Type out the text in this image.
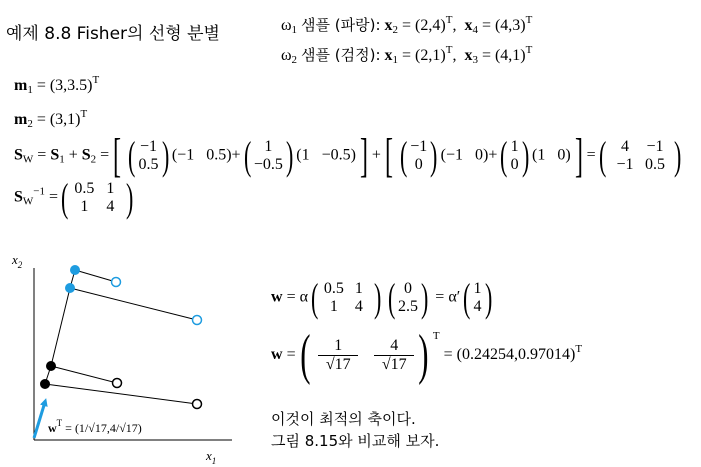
예제 8.8 Fisher의 선형 분별	$\omega_1$ 샘플 (파랑): $x_2 = (2,4)^T$,  $x_4 = (4,3)^T$
$\omega_2$ 샘플 (검정): $x_1 = (2,1)^T$,  $x_3 = (4,1)^T$
$m_1 = (3,3.5)^T$
$m_2 = (3,1)^T$
$S_W = S_1 + S_2$ =[ ( −1
0.5 ) (−1   0.5)+( 1
−0.5 ) (1   −0.5)] +[ ( −1
0 ) (−1   0)+( 1
0 ) (1   0)] =( 4 −1
−1 0.5 )
$S_W^{-1}$ =( 0.5 1
1 4 )
w = α( 0.5 1
1 4 ) ( 0
2.5 ) = α′( 1
4 )
w =( $\frac{1}{√17}$
$\frac{4}{√17}$ ) $^T = (0.24254,0.97014)^T$
이것이 최적의 축이다.
그림 8.15와 비교해 보자.
$x_2$
$x_1$
$w^T = (1/√17,4/√17)$
